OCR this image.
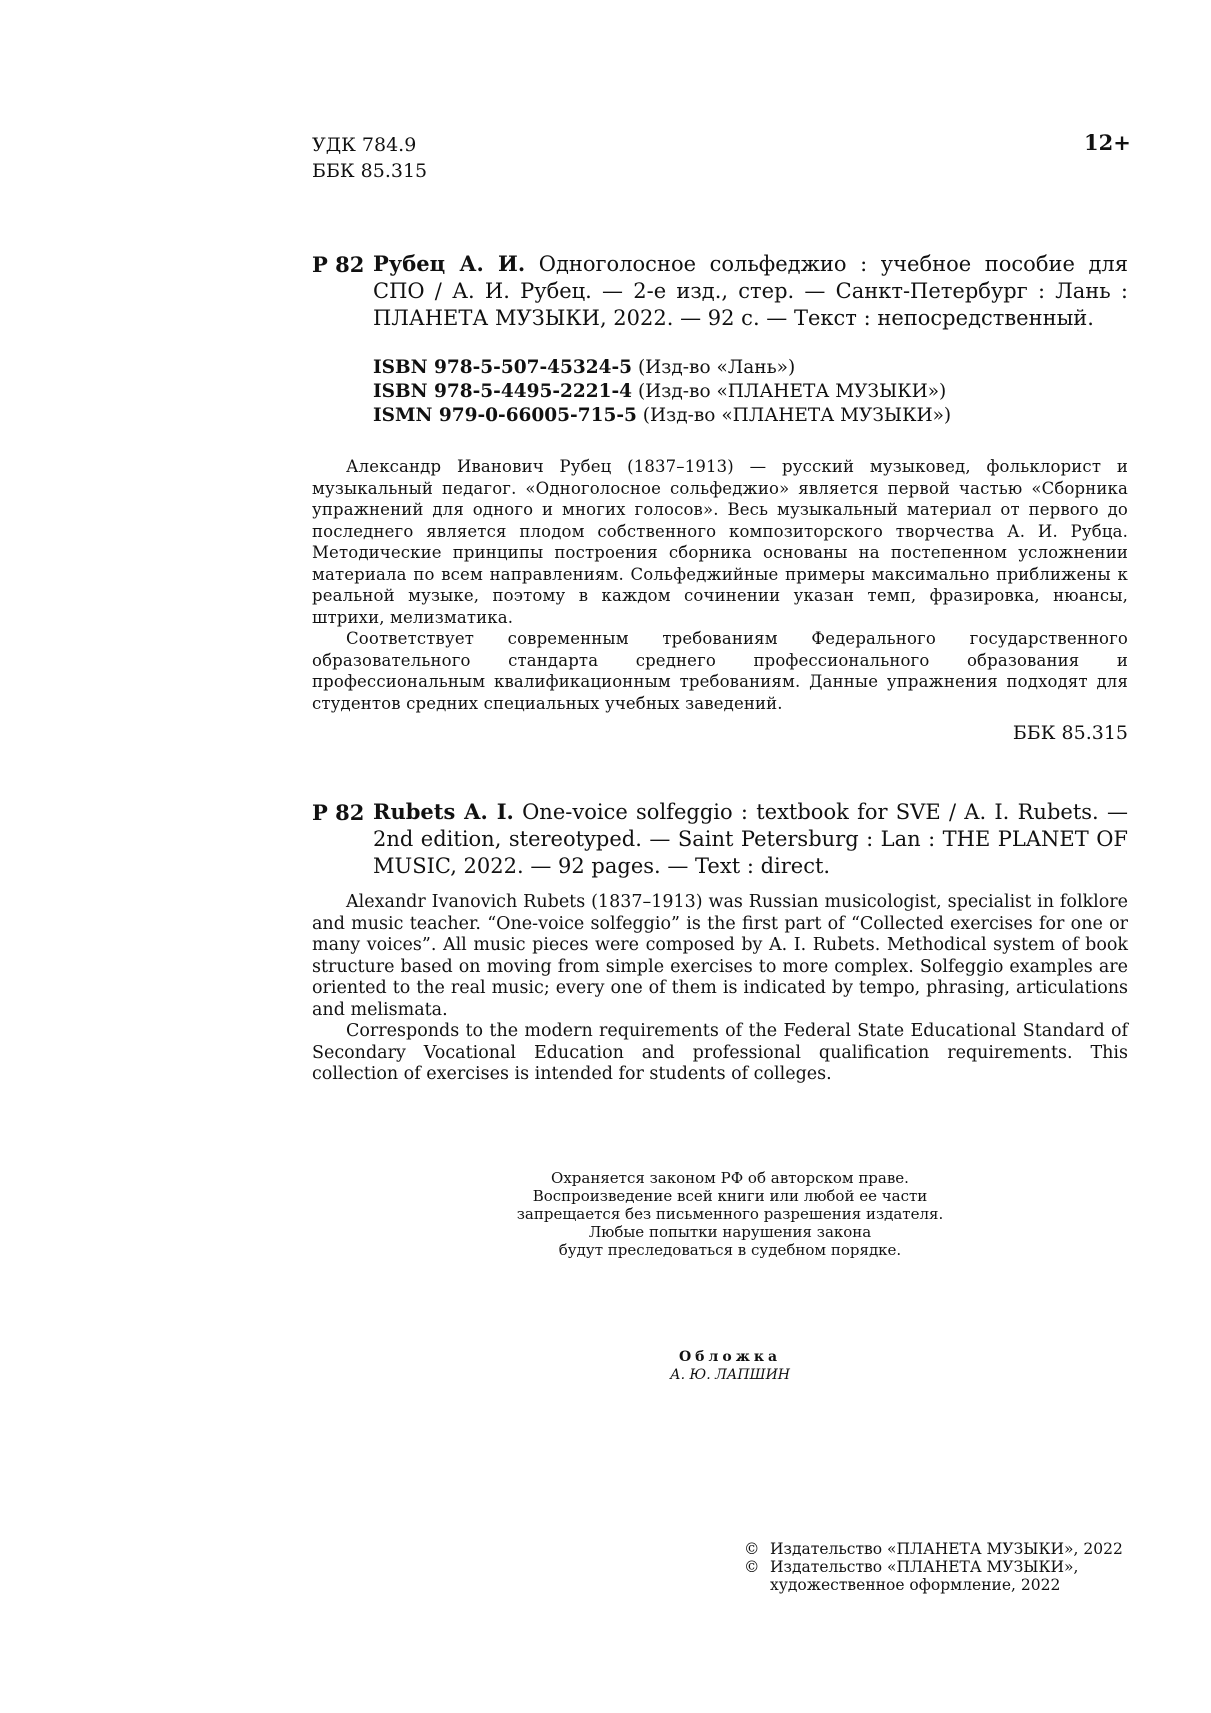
УДК 784.9
ББК 85.315
12+
Р 82 Рубец А. И. Одноголосное сольфеджио : учебное пособие для СПО / А. И. Рубец. — 2-е изд., стер. — Санкт-Петербург : Лань : ПЛАНЕТА МУЗЫКИ, 2022. — 92 с. — Текст : непосредственный.
ISBN 978-5-507-45324-5 (Изд-во «Лань»)
ISBN 978-5-4495-2221-4 (Изд-во «ПЛАНЕТА МУЗЫКИ»)
ISMN 979-0-66005-715-5 (Изд-во «ПЛАНЕТА МУЗЫКИ»)

Александр Иванович Рубец (1837–1913) — русский музыковед, фольклорист и музыкальный педагог. «Одноголосное сольфеджио» является первой частью «Сборника упражнений для одного и многих голосов». Весь музыкальный материал от первого до последнего является плодом собственного композиторского творчества А. И. Рубца. Методические принципы построения сборника основаны на постепенном усложнении материала по всем направлениям. Сольфеджийные примеры максимально приближены к реальной музыке, поэтому в каждом сочинении указан темп, фразировка, нюансы, штрихи, мелизматика.

Соответствует современным требованиям Федерального государственного образовательного стандарта среднего профессионального образования и профессиональным квалификационным требованиям. Данные упражнения подходят для студентов средних специальных учебных заведений.

ББК 85.315
Р 82 Rubets A. I. One-voice solfeggio : textbook for SVE / A. I. Rubets. — 2nd edition, stereotyped. — Saint Petersburg : Lan : THE PLANET OF MUSIC, 2022. — 92 pages. — Text : direct.

Alexandr Ivanovich Rubets (1837–1913) was Russian musicologist, specialist in folklore and music teacher. “One-voice solfeggio” is the first part of “Collected exercises for one or many voices”. All music pieces were composed by A. I. Rubets. Methodical system of book structure based on moving from simple exercises to more complex. Solfeggio examples are oriented to the real music; every one of them is indicated by tempo, phrasing, articulations and melismata.

Corresponds to the modern requirements of the Federal State Educational Standard of Secondary Vocational Education and professional qualification requirements. This collection of exercises is intended for students of colleges.

Охраняется законом РФ об авторском праве.
Воспроизведение всей книги или любой ее части
запрещается без письменного разрешения издателя.
Любые попытки нарушения закона
будут преследоваться в судебном порядке.
Обложка
А. Ю. ЛАПШИН
© Издательство «ПЛАНЕТА МУЗЫКИ», 2022
© Издательство «ПЛАНЕТА МУЗЫКИ»,
художественное оформление, 2022
